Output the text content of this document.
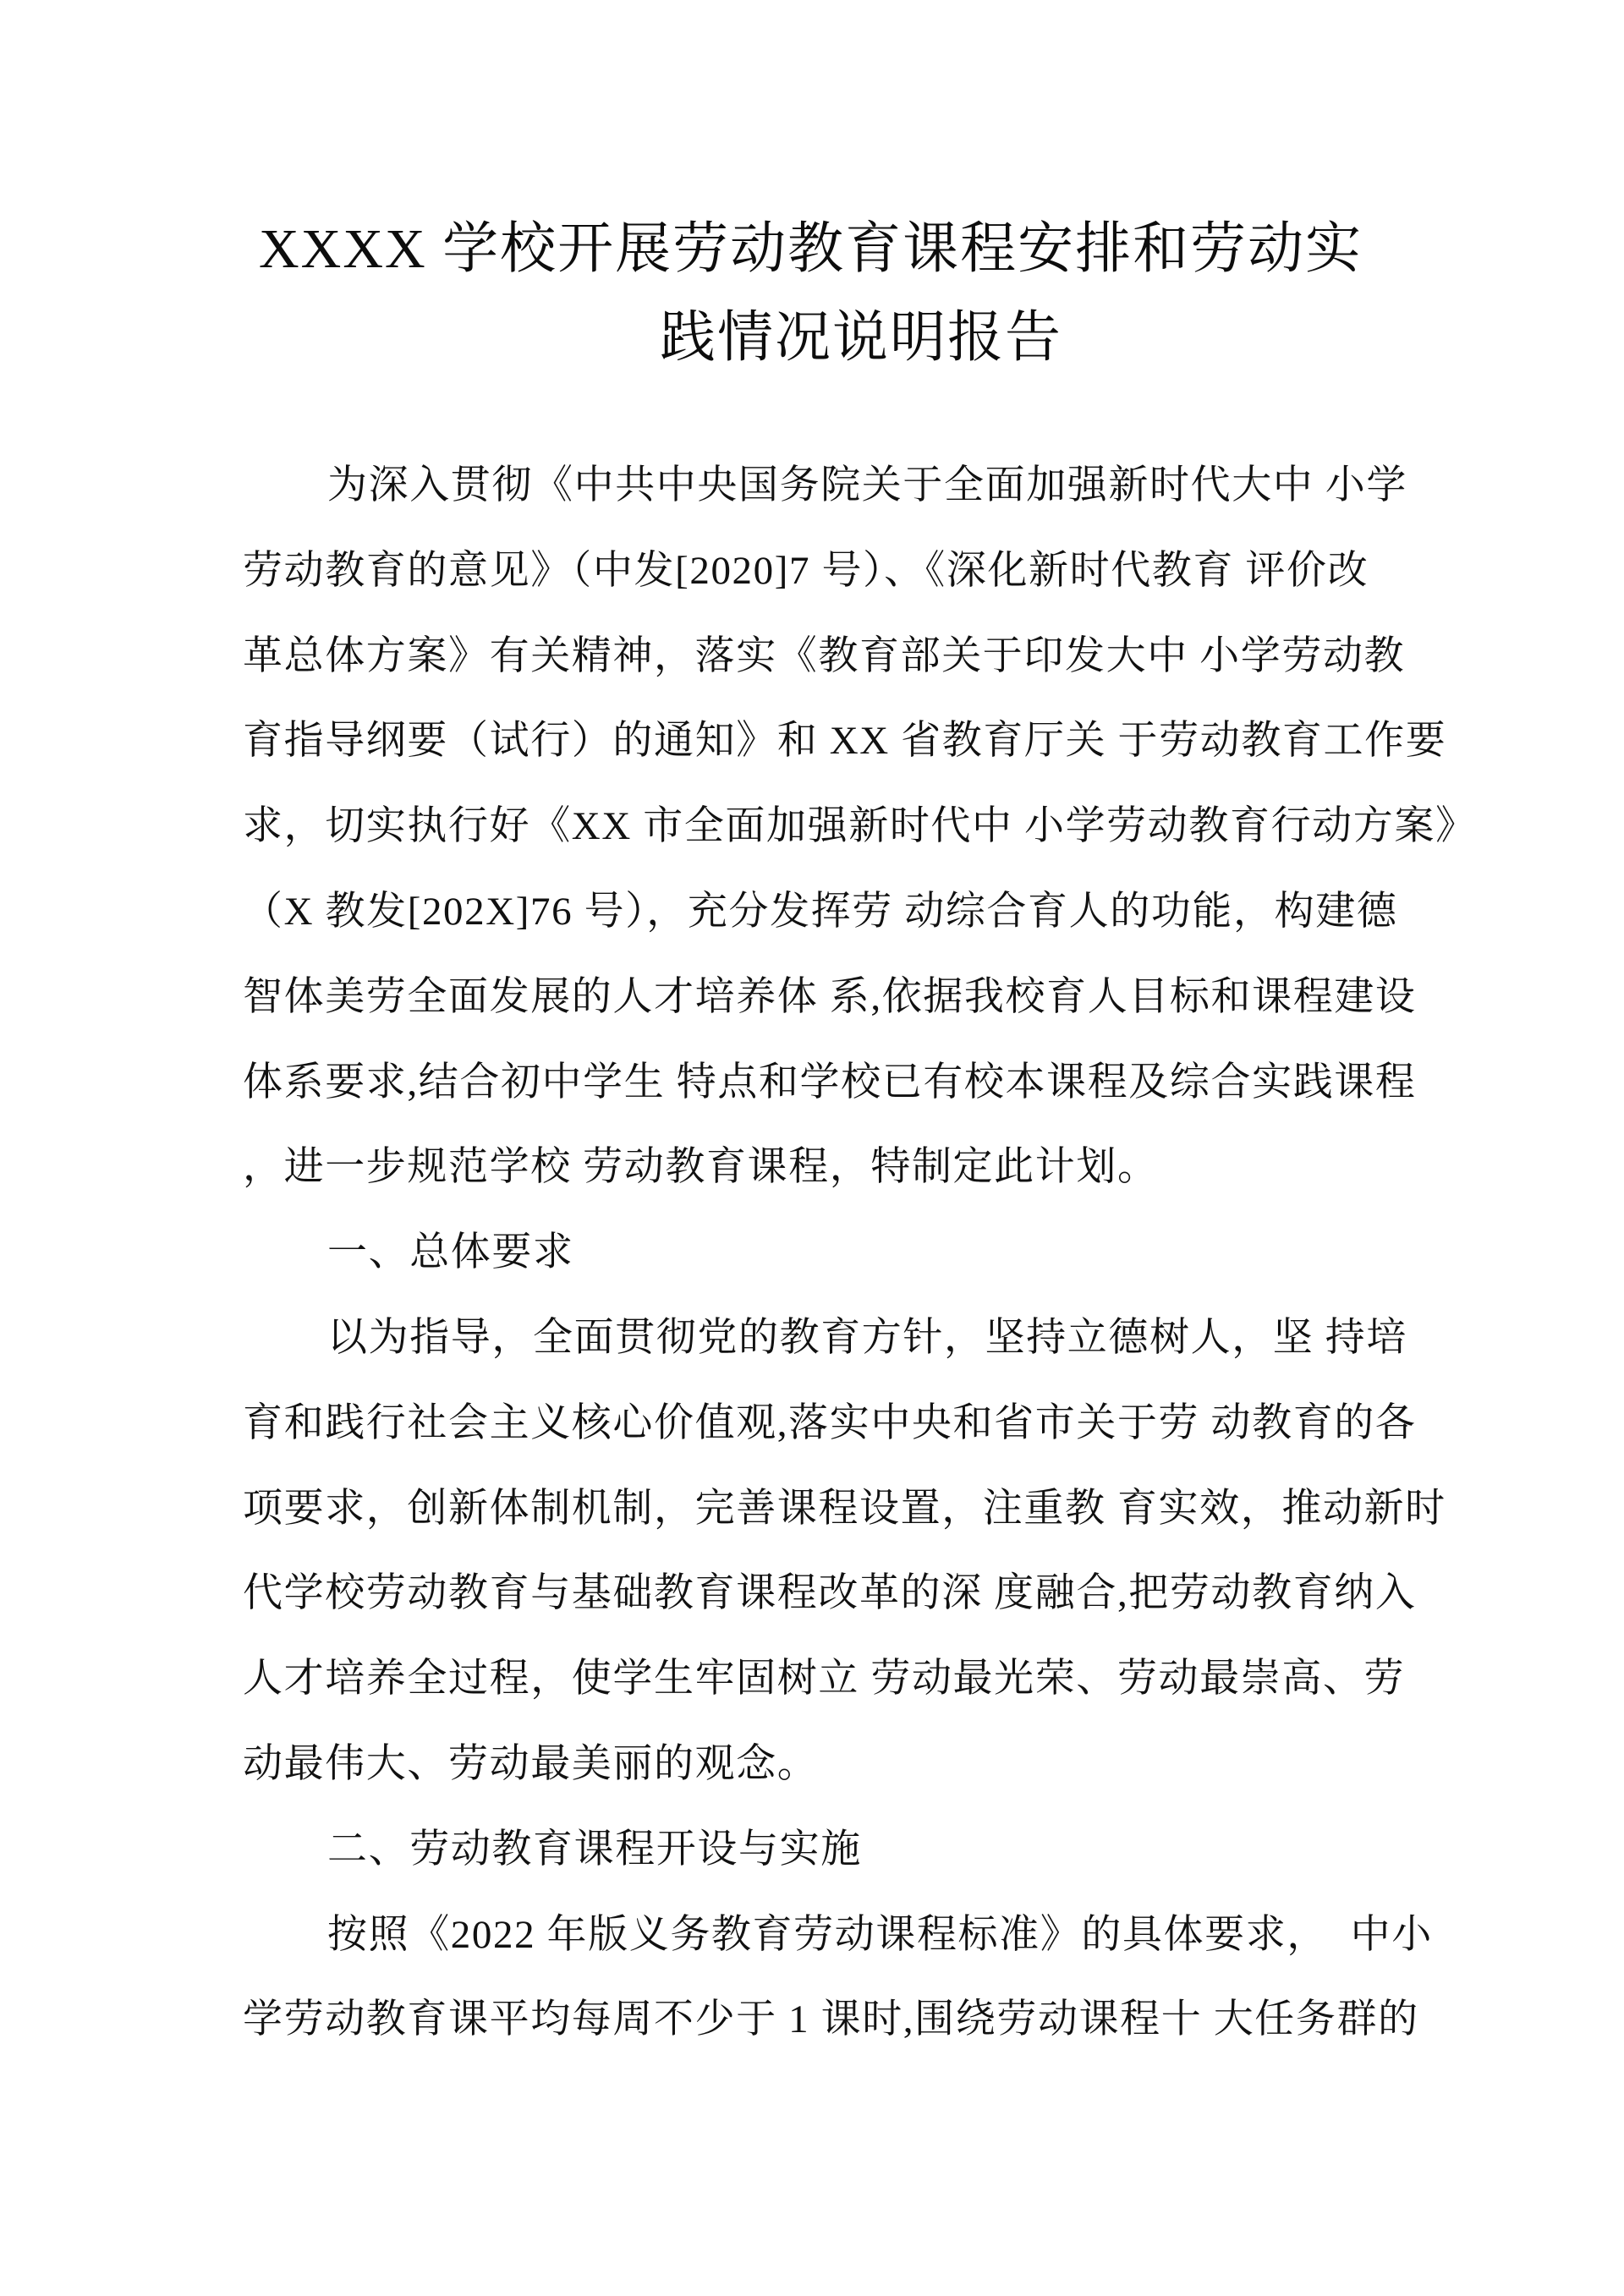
XXXX 学校开展劳动教育课程安排和劳动实
践情况说明报告
为深入贯彻《中共中央国务院关于全面加强新时代大中 小学
劳动教育的意见》（中发[2020]7 号）、《深化新时代教育 评价改
革总体方案》有关精神，落实《教育部关于印发大中 小学劳动教
育指导纲要（试行）的通知》和 XX 省教育厅关 于劳动教育工作要
求，切实执行好《XX 市全面加强新时代中 小学劳动教育行动方案》
（X 教发[202X]76 号），充分发挥劳 动综合育人的功能，构建德
智体美劳全面发展的人才培养体 系,依据我校育人目标和课程建设
体系要求,结合初中学生 特点和学校已有校本课程及综合实践课程
，进一步规范学校 劳动教育课程，特制定此计划。
一、总体要求
以为指导，全面贯彻党的教育方针，坚持立德树人，坚 持培
育和践行社会主义核心价值观,落实中央和省市关于劳 动教育的各
项要求，创新体制机制，完善课程设置，注重教 育实效，推动新时
代学校劳动教育与基础教育课程改革的深 度融合,把劳动教育纳入
人才培养全过程，使学生牢固树立 劳动最光荣、劳动最崇高、劳
动最伟大、劳动最美丽的观念。
二、劳动教育课程开设与实施
按照《2022 年版义务教育劳动课程标准》的具体要求，  中小
学劳动教育课平均每周不少于 1 课时,围绕劳动课程十 大任务群的
